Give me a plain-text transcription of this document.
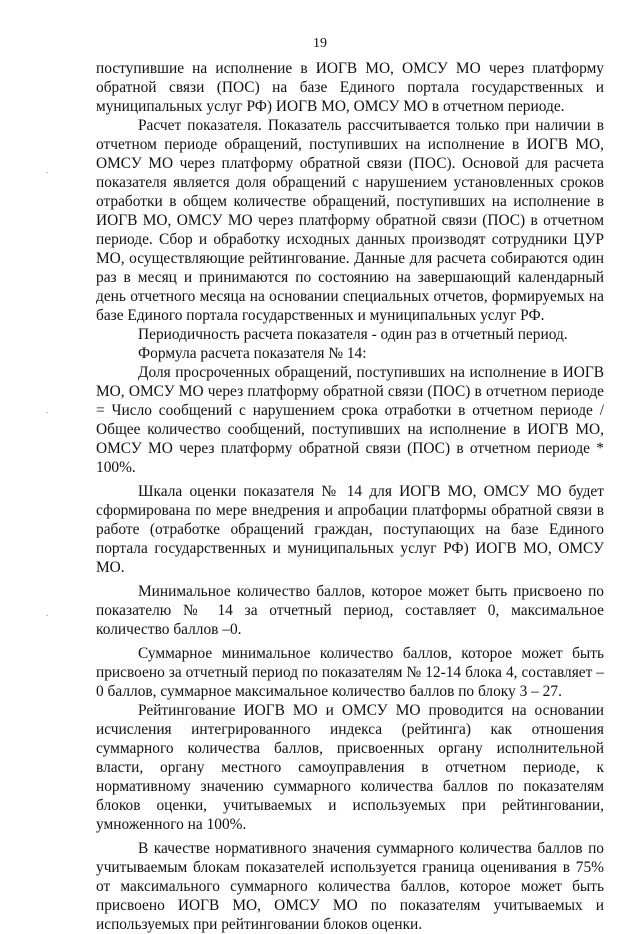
19

поступившие на исполнение в ИОГВ МО, ОМСУ МО через платформу обратной связи (ПОС) на базе Единого портала государственных и муниципальных услуг РФ) ИОГВ МО, ОМСУ МО в отчетном периоде.

Расчет показателя. Показатель рассчитывается только при наличии в отчетном периоде обращений, поступивших на исполнение в ИОГВ МО, ОМСУ МО через платформу обратной связи (ПОС). Основой для расчета показателя является доля обращений с нарушением установленных сроков отработки в общем количестве обращений, поступивших на исполнение в ИОГВ МО, ОМСУ МО через платформу обратной связи (ПОС) в отчетном периоде. Сбор и обработку исходных данных производят сотрудники ЦУР МО, осуществляющие рейтингование. Данные для расчета собираются один раз в месяц и принимаются по состоянию на завершающий календарный день отчетного месяца на основании специальных отчетов, формируемых на базе Единого портала государственных и муниципальных услуг РФ.

Периодичность расчета показателя - один раз в отчетный период.

Формула расчета показателя № 14:

Доля просроченных обращений, поступивших на исполнение в ИОГВ МО, ОМСУ МО через платформу обратной связи (ПОС) в отчетном периоде = Число сообщений с нарушением срока отработки в отчетном периоде / Общее количество сообщений, поступивших на исполнение в ИОГВ МО, ОМСУ МО через платформу обратной связи (ПОС) в отчетном периоде * 100%.

Шкала оценки показателя № 14 для ИОГВ МО, ОМСУ МО будет сформирована по мере внедрения и апробации платформы обратной связи в работе (отработке обращений граждан, поступающих на базе Единого портала государственных и муниципальных услуг РФ) ИОГВ МО, ОМСУ МО.

Минимальное количество баллов, которое может быть присвоено по показателю № 14 за отчетный период, составляет 0, максимальное количество баллов –0.

Суммарное минимальное количество баллов, которое может быть присвоено за отчетный период по показателям № 12-14 блока 4, составляет – 0 баллов, суммарное максимальное количество баллов по блоку 3 – 27.

Рейтингование ИОГВ МО и ОМСУ МО проводится на основании исчисления интегрированного индекса (рейтинга) как отношения суммарного количества баллов, присвоенных органу исполнительной власти, органу местного самоуправления в отчетном периоде, к нормативному значению суммарного количества баллов по показателям блоков оценки, учитываемых и используемых при рейтинговании, умноженного на 100%.

В качестве нормативного значения суммарного количества баллов по учитываемым блокам показателей используется граница оценивания в 75% от максимального суммарного количества баллов, которое может быть присвоено ИОГВ МО, ОМСУ МО по показателям учитываемых и используемых при рейтинговании блоков оценки.
